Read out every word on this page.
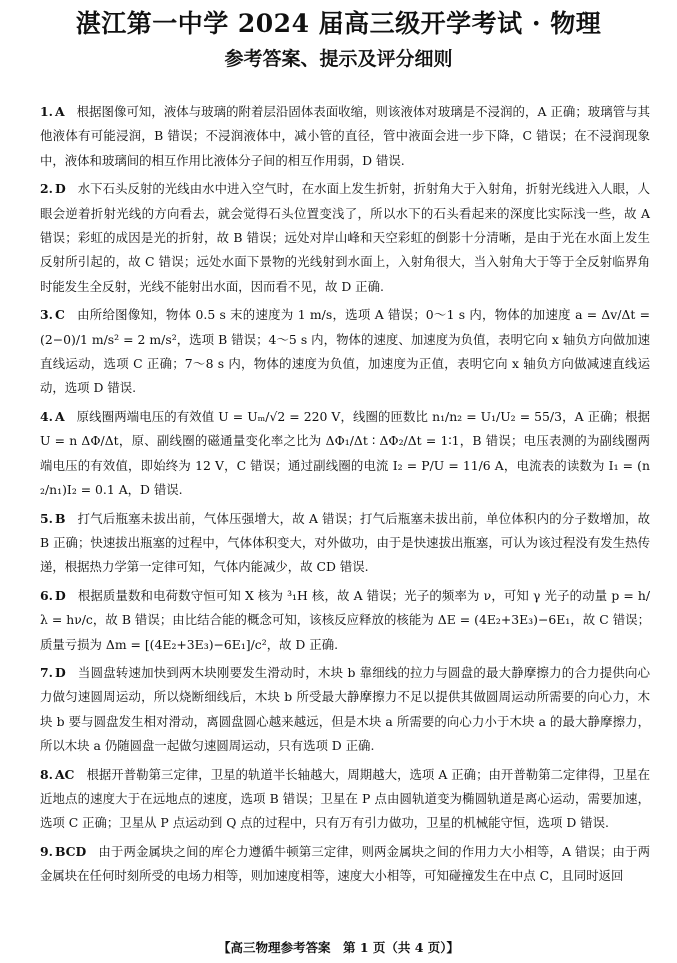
湛江第一中学 2024 届高三级开学考试 · 物理
参考答案、提示及评分细则
1. A 根据图像可知，液体与玻璃的附着层沿固体表面收缩，则该液体对玻璃是不浸润的，A 正确；玻璃管与其他液体有可能浸润，B 错误；不浸润液体中，减小管的直径，管中液面会进一步下降，C 错误；在不浸润现象中，液体和玻璃间的相互作用比液体分子间的相互作用弱，D 错误.
2. D 水下石头反射的光线由水中进入空气时，在水面上发生折射，折射角大于入射角，折射光线进入人眼，人眼会逆着折射光线的方向看去，就会觉得石头位置变浅了，所以水下的石头看起来的深度比实际浅一些，故 A 错误；彩虹的成因是光的折射，故 B 错误；远处对岸山峰和天空彩虹的倒影十分清晰，是由于光在水面上发生反射所引起的，故 C 错误；远处水面下景物的光线射到水面上，入射角很大，当入射角大于等于全反射临界角时能发生全反射，光线不能射出水面，因而看不见，故 D 正确.
3. C 由所给图像知，物体 0.5 s 末的速度为 1 m/s，选项 A 错误；0～1 s 内，物体的加速度 a = Δv/Δt = (2−0)/1 m/s² = 2 m/s²，选项 B 错误；4～5 s 内，物体的速度、加速度为负值，表明它向 x 轴负方向做加速直线运动，选项 C 正确；7～8 s 内，物体的速度为负值，加速度为正值，表明它向 x 轴负方向做减速直线运动，选项 D 错误.
4. A 原线圈两端电压的有效值 U = Uₘ/√2 = 220 V，线圈的匝数比 n₁/n₂ = U₁/U₂ = 55/3，A 正确；根据 U = n ΔΦ/Δt，原、副线圈的磁通量变化率之比为 ΔΦ₁/Δt ∶ ΔΦ₂/Δt = 1∶1，B 错误；电压表测的为副线圈两端电压的有效值，即始终为 12 V，C 错误；通过副线圈的电流 I₂ = P/U = 11/6 A，电流表的读数为 I₁ = (n₂/n₁)I₂ = 0.1 A，D 错误.
5. B 打气后瓶塞未拔出前，气体压强增大，故 A 错误；打气后瓶塞未拔出前，单位体积内的分子数增加，故 B 正确；快速拔出瓶塞的过程中，气体体积变大，对外做功，由于是快速拔出瓶塞，可认为该过程没有发生热传递，根据热力学第一定律可知，气体内能减少，故 CD 错误.
6. D 根据质量数和电荷数守恒可知 X 核为 ³₁H 核，故 A 错误；光子的频率为 ν，可知 γ 光子的动量 p = h/λ = hν/c，故 B 错误；由比结合能的概念可知，该核反应释放的核能为 ΔE = (4E₂+3E₃)−6E₁，故 C 错误；质量亏损为 Δm = [(4E₂+3E₃)−6E₁]/c²，故 D 正确.
7. D 当圆盘转速加快到两木块刚要发生滑动时，木块 b 靠细线的拉力与圆盘的最大静摩擦力的合力提供向心力做匀速圆周运动，所以烧断细线后，木块 b 所受最大静摩擦力不足以提供其做圆周运动所需要的向心力，木块 b 要与圆盘发生相对滑动，离圆盘圆心越来越远，但是木块 a 所需要的向心力小于木块 a 的最大静摩擦力，所以木块 a 仍随圆盘一起做匀速圆周运动，只有选项 D 正确.
8. AC 根据开普勒第三定律，卫星的轨道半长轴越大，周期越大，选项 A 正确；由开普勒第二定律得，卫星在近地点的速度大于在远地点的速度，选项 B 错误；卫星在 P 点由圆轨道变为椭圆轨道是离心运动，需要加速，选项 C 正确；卫星从 P 点运动到 Q 点的过程中，只有万有引力做功，卫星的机械能守恒，选项 D 错误.
9. BCD 由于两金属块之间的库仑力遵循牛顿第三定律，则两金属块之间的作用力大小相等，A 错误；由于两金属块在任何时刻所受的电场力相等，则加速度相等，速度大小相等，可知碰撞发生在中点 C，且同时返回
【高三物理参考答案　第 1 页（共 4 页）】
